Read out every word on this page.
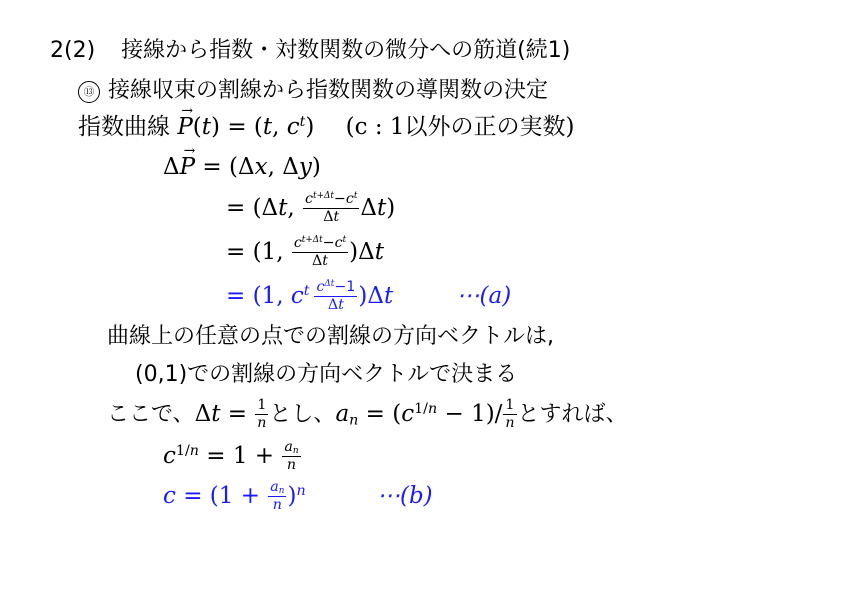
2(2) 接線から指数・対数関数の微分への筋道(続1)
⑬ 接線収束の割線から指数関数の導関数の決定
指数曲線 → P(t) = (t, $c^t$) (c : 1以外の正の実数)
Δ→ P = (Δx, Δy)
= (Δt, $\frac{c^{t+\Delta t}-c^t}{\Delta t} \Delta t$)
= (1, $\frac{c^{t+\Delta t}-c^t}{\Delta t} )\Delta t$
= (1, $c^t \frac{c^{\Delta t}-1}{\Delta t} )\Delta t$	⋯(a)
曲線上の任意の点での割線の方向ベクトルは,
(0,1)での割線の方向ベクトルで決まる
ここで、$\Delta t = \frac{1}{n}$ とし、$a_n = (c^{1/n} - 1)/ \frac{1}{n}$ とすれば、
$c^{1/n} = 1 + \frac{a_n}{n}$
$c = (1 + \frac{a_n}{n} )^n$	⋯(b)
